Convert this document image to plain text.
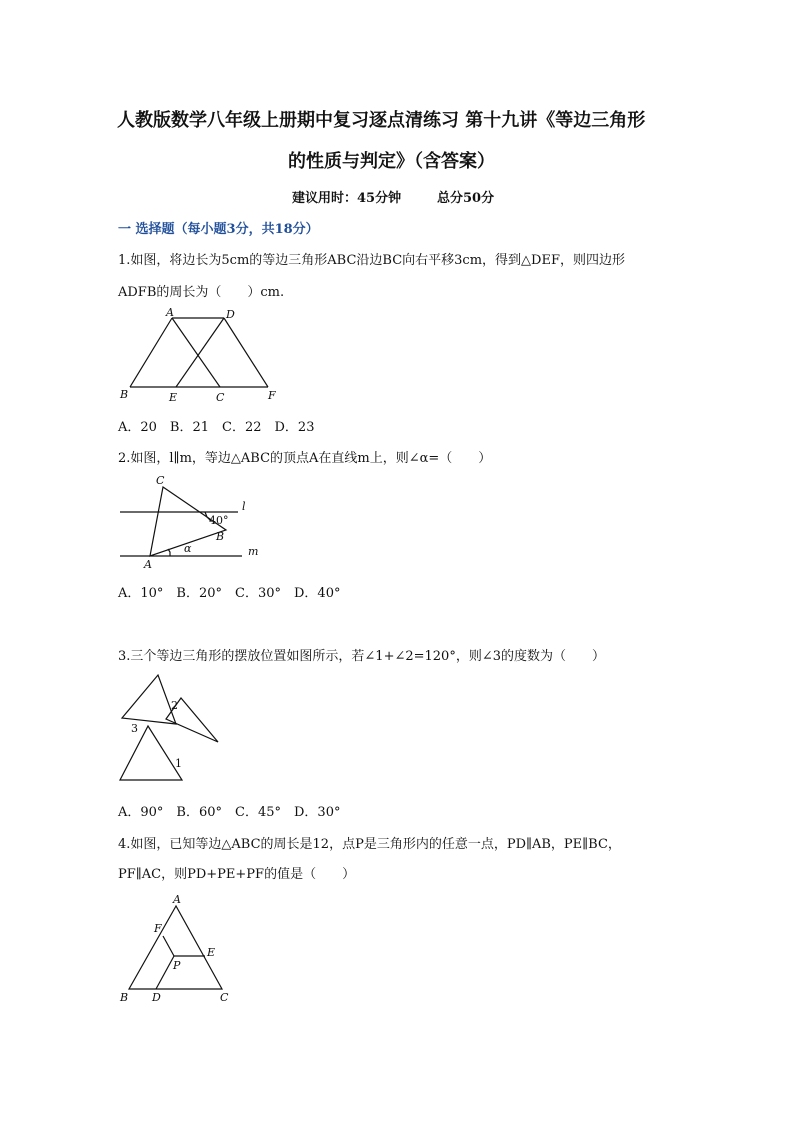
人教版数学八年级上册期中复习逐点清练习 第十九讲《等边三角形
的性质与判定》（含答案）
建议用时：45分钟	总分50分
一 选择题（每小题3分，共18分）
1.如图，将边长为5cm的等边三角形ABC沿边BC向右平移3cm，得到△DEF，则四边形
ADFB的周长为（　　）cm.
A	D
B	E	C	F
A．20　B．21　C．22　D．23
2.如图，l∥m，等边△ABC的顶点A在直线m上，则∠α=（　　）
C
l
40°
B
α	m
A
A．10°　B．20°　C．30°　D．40°
3.三个等边三角形的摆放位置如图所示，若∠1+∠2=120°，则∠3的度数为（　　）
2
3
1
A．90°　B．60°　C．45°　D．30°
4.如图，已知等边△ABC的周长是12，点P是三角形内的任意一点，PD∥AB，PE∥BC，
PF∥AC，则PD+PE+PF的值是（　　）
A
F
E
P
B D	C
